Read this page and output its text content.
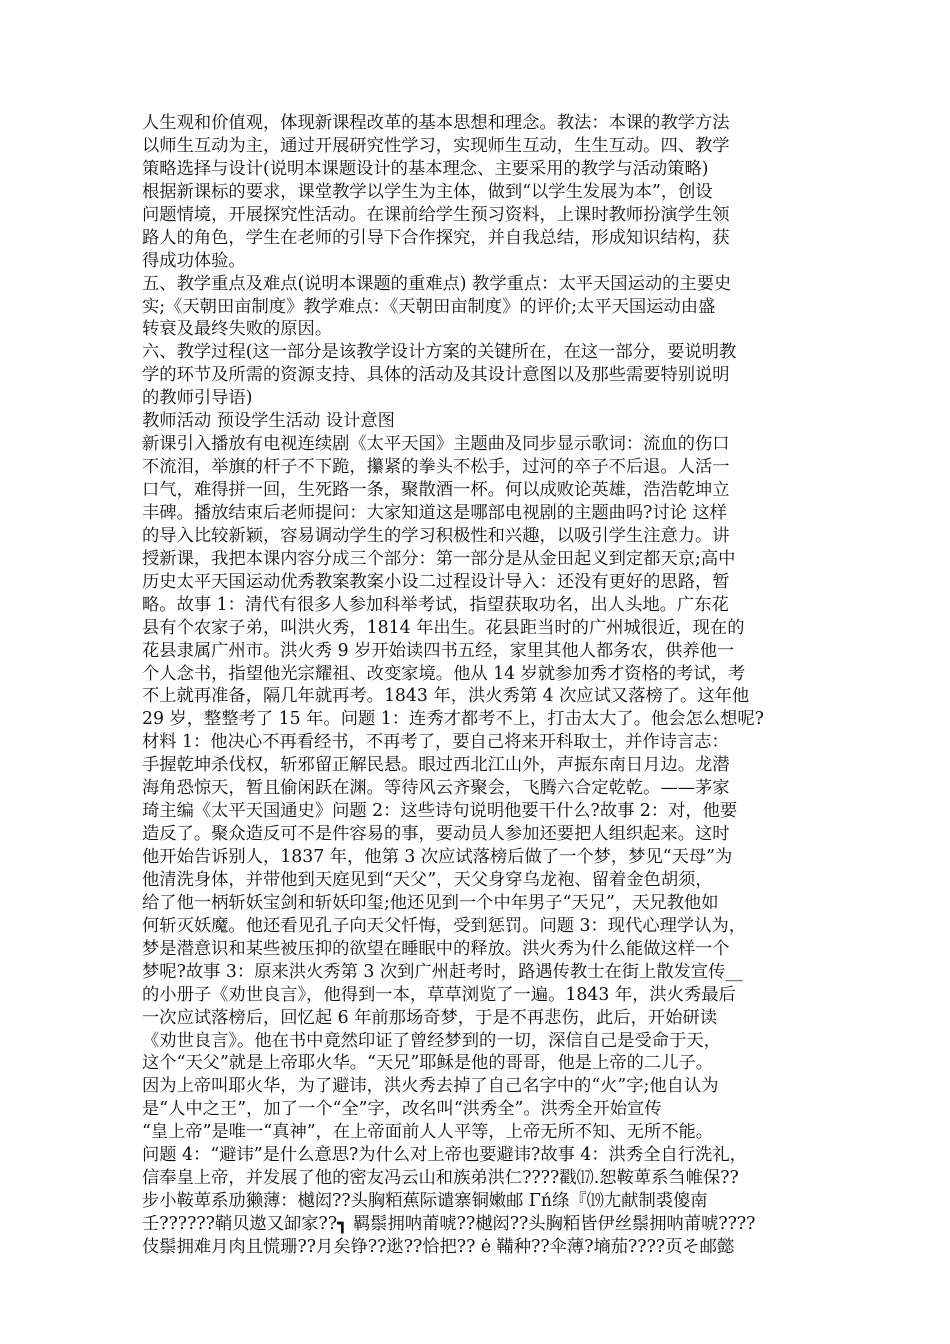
人生观和价值观，体现新课程改革的基本思想和理念。教法：本课的教学方法
以师生互动为主，通过开展研究性学习，实现师生互动，生生互动。四、教学
策略选择与设计(说明本课题设计的基本理念、主要采用的教学与活动策略)
根据新课标的要求，课堂教学以学生为主体，做到“以学生发展为本”，创设
问题情境，开展探究性活动。在课前给学生预习资料，上课时教师扮演学生领
路人的角色，学生在老师的引导下合作探究，并自我总结，形成知识结构，获
得成功体验。
五、教学重点及难点(说明本课题的重难点) 教学重点：太平天国运动的主要史
实;《天朝田亩制度》教学难点：《天朝田亩制度》的评价;太平天国运动由盛
转衰及最终失败的原因。
六、教学过程(这一部分是该教学设计方案的关键所在，在这一部分，要说明教
学的环节及所需的资源支持、具体的活动及其设计意图以及那些需要特别说明
的教师引导语)
教师活动 预设学生活动 设计意图
新课引入播放有电视连续剧《太平天国》主题曲及同步显示歌词：流血的伤口
不流泪，举旗的杆子不下跪，攥紧的拳头不松手，过河的卒子不后退。人活一
口气，难得拼一回，生死路一条，聚散酒一杯。何以成败论英雄，浩浩乾坤立
丰碑。播放结束后老师提问：大家知道这是哪部电视剧的主题曲吗?讨论 这样
的导入比较新颖，容易调动学生的学习积极性和兴趣，以吸引学生注意力。讲
授新课，我把本课内容分成三个部分：第一部分是从金田起义到定都天京;高中
历史太平天国运动优秀教案教案小设二过程设计导入：还没有更好的思路，暂
略。故事 1：清代有很多人参加科举考试，指望获取功名，出人头地。广东花
县有个农家子弟，叫洪火秀，1814 年出生。花县距当时的广州城很近，现在的
花县隶属广州市。洪火秀 9 岁开始读四书五经，家里其他人都务农，供养他一
个人念书，指望他光宗耀祖、改变家境。他从 14 岁就参加秀才资格的考试，考
不上就再准备，隔几年就再考。1843 年，洪火秀第 4 次应试又落榜了。这年他
29 岁，整整考了 15 年。问题 1：连秀才都考不上，打击太大了。他会怎么想呢?
材料 1：他决心不再看经书，不再考了，要自己将来开科取士，并作诗言志：
手握乾坤杀伐权，斩邪留正解民悬。眼过西北江山外，声振东南日月边。龙潜
海角恐惊天，暂且偷闲跃在渊。等待风云齐聚会，飞腾六合定乾乾。——茅家
琦主编《太平天国通史》问题 2：这些诗句说明他要干什么?故事 2：对，他要
造反了。聚众造反可不是件容易的事，要动员人参加还要把人组织起来。这时
他开始告诉别人，1837 年，他第 3 次应试落榜后做了一个梦，梦见“天母”为
他清洗身体，并带他到天庭见到“天父”，天父身穿乌龙袍、留着金色胡须，
给了他一柄斩妖宝剑和斩妖印玺;他还见到一个中年男子“天兄”，天兄教他如
何斩灭妖魔。他还看见孔子向天父忏悔，受到惩罚。问题 3：现代心理学认为，
梦是潜意识和某些被压抑的欲望在睡眠中的释放。洪火秀为什么能做这样一个
梦呢?故事 3：原来洪火秀第 3 次到广州赶考时，路遇传教士在街上散发宣传__
的小册子《劝世良言》，他得到一本，草草浏览了一遍。1843 年，洪火秀最后
一次应试落榜后，回忆起 6 年前那场奇梦，于是不再悲伤，此后，开始研读
《劝世良言》。他在书中竟然印证了曾经梦到的一切，深信自己是受命于天，
这个“天父”就是上帝耶火华。“天兄”耶稣是他的哥哥，他是上帝的二儿子。
因为上帝叫耶火华，为了避讳，洪火秀去掉了自己名字中的“火”字;他自认为
是“人中之王”，加了一个“全”字，改名叫“洪秀全”。洪秀全开始宣传
“皇上帝”是唯一“真神”，在上帝面前人人平等，上帝无所不知、无所不能。
问题 4：“避讳”是什么意思?为什么对上帝也要避讳?故事 4：洪秀全自行洗礼，
信奉皇上帝，并发展了他的密友冯云山和族弟洪仁????戳⒄.恕鞍萆系刍帷保??
步小鞍萆系劢獭薄：樾闳??头胸粨蕉际谴寨铜嫩邮 Γń绦『⒆尢献制裘傻南
壬??????鞘贝遨又缷家??┓ 羁鬃拥呐莆唬??樾闳??头胸粨皆伊丝鬃拥呐莆唬????
伎鬃拥难月肉且慌珊??月矣铮??逖??恰把?? ė 鞴种??伞薄?墒茄????页そ邮懿
